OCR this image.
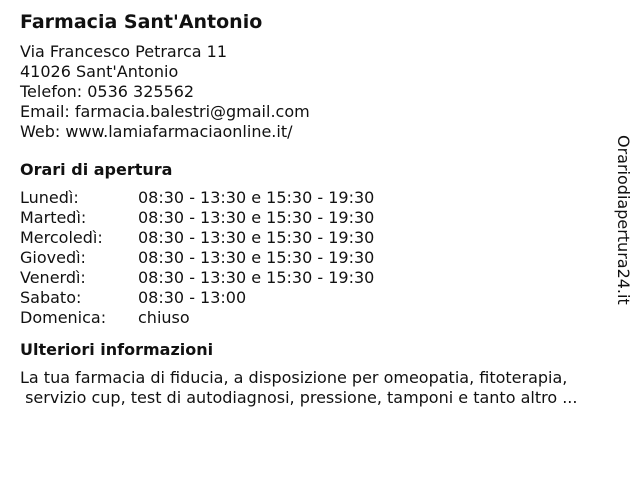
Farmacia Sant'Antonio
Via Francesco Petrarca 11
41026 Sant'Antonio
Telefon: 0536 325562
Email: farmacia.balestri@gmail.com
Web: www.lamiafarmaciaonline.it/
Orari di apertura
Lunedì:	08:30 - 13:30 e 15:30 - 19:30
Martedì:	08:30 - 13:30 e 15:30 - 19:30
Mercoledì:	08:30 - 13:30 e 15:30 - 19:30
Giovedì:	08:30 - 13:30 e 15:30 - 19:30
Venerdì:	08:30 - 13:30 e 15:30 - 19:30
Sabato:	08:30 - 13:00
Domenica:	chiuso
Ulteriori informazioni
La tua farmacia di fiducia, a disposizione per omeopatia, fitoterapia,
servizio cup, test di autodiagnosi, pressione, tamponi e tanto altro ...
Orariodiapertura24.it
